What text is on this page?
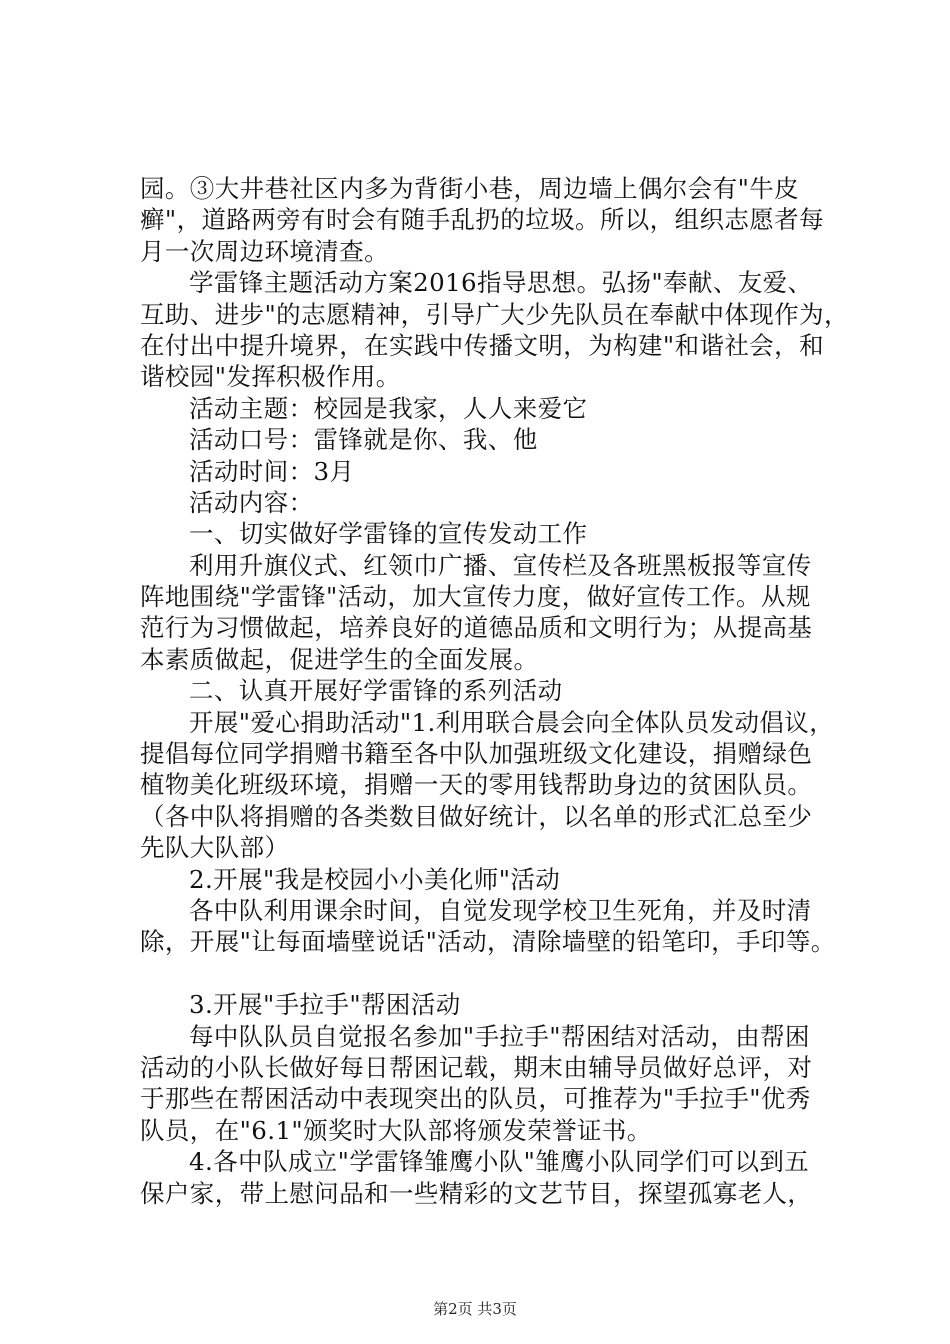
园。③大井巷社区内多为背街小巷，周边墙上偶尔会有"牛皮
癣"，道路两旁有时会有随手乱扔的垃圾。所以，组织志愿者每
月一次周边环境清查。
学雷锋主题活动方案2016指导思想。弘扬"奉献、友爱、
互助、进步"的志愿精神，引导广大少先队员在奉献中体现作为，
在付出中提升境界，在实践中传播文明，为构建"和谐社会，和
谐校园"发挥积极作用。
活动主题：校园是我家，人人来爱它
活动口号：雷锋就是你、我、他
活动时间：3月
活动内容：
一、切实做好学雷锋的宣传发动工作
利用升旗仪式、红领巾广播、宣传栏及各班黑板报等宣传
阵地围绕"学雷锋"活动，加大宣传力度，做好宣传工作。从规
范行为习惯做起，培养良好的道德品质和文明行为；从提高基
本素质做起，促进学生的全面发展。
二、认真开展好学雷锋的系列活动
开展"爱心捐助活动"1.利用联合晨会向全体队员发动倡议，
提倡每位同学捐赠书籍至各中队加强班级文化建设，捐赠绿色
植物美化班级环境，捐赠一天的零用钱帮助身边的贫困队员。
（各中队将捐赠的各类数目做好统计，以名单的形式汇总至少
先队大队部）
2.开展"我是校园小小美化师"活动
各中队利用课余时间，自觉发现学校卫生死角，并及时清
除，开展"让每面墙壁说话"活动，清除墙壁的铅笔印，手印等。
3.开展"手拉手"帮困活动
每中队队员自觉报名参加"手拉手"帮困结对活动，由帮困
活动的小队长做好每日帮困记载，期末由辅导员做好总评，对
于那些在帮困活动中表现突出的队员，可推荐为"手拉手"优秀
队员，在"6.1"颁奖时大队部将颁发荣誉证书。
4.各中队成立"学雷锋雏鹰小队"雏鹰小队同学们可以到五
保户家，带上慰问品和一些精彩的文艺节目，探望孤寡老人，
第2页 共3页
